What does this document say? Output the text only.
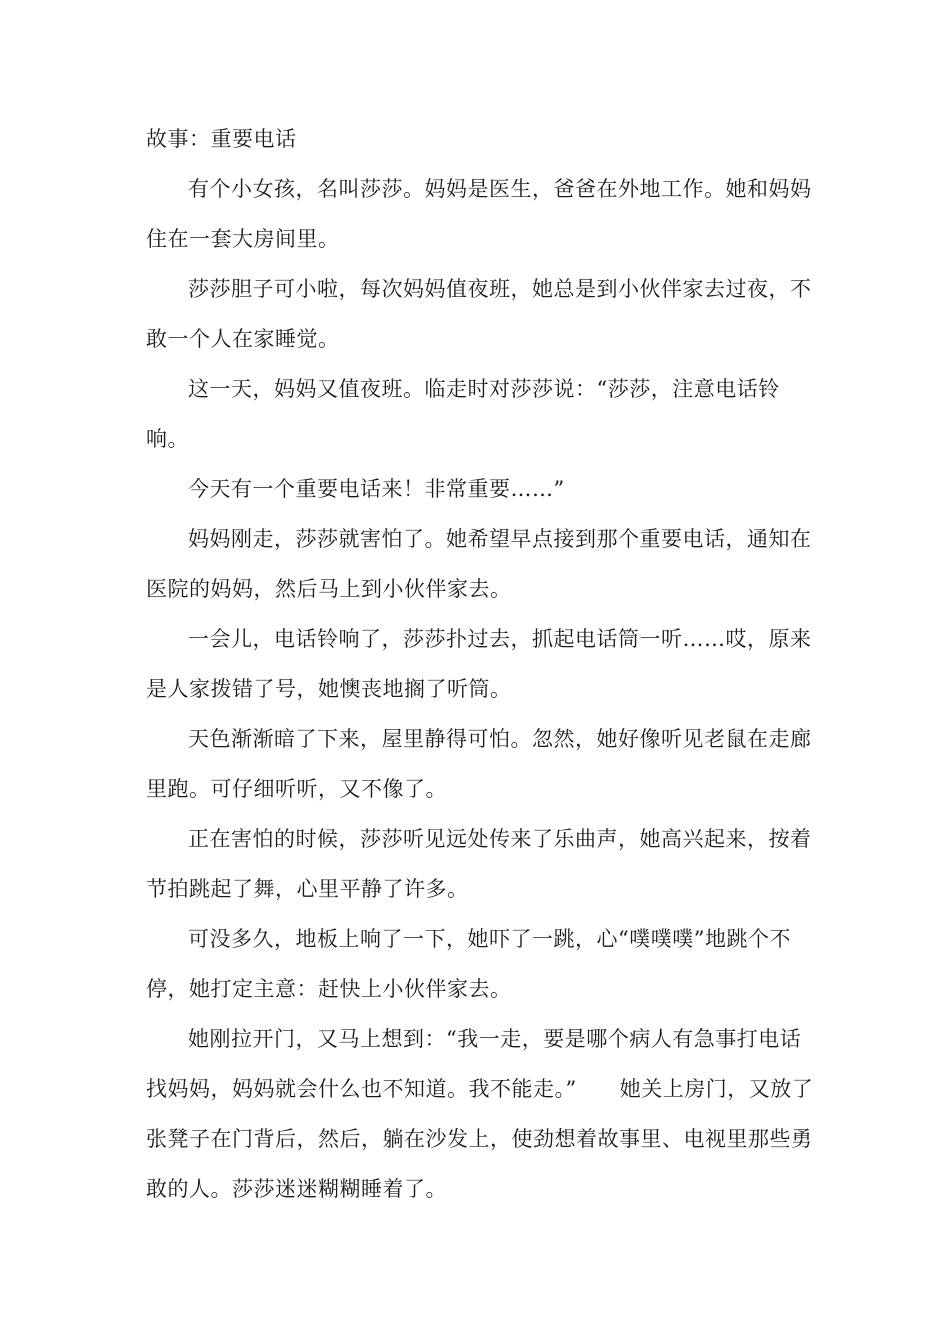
故事：重要电话

有个小女孩，名叫莎莎。妈妈是医生，爸爸在外地工作。她和妈妈住在一套大房间里。

莎莎胆子可小啦，每次妈妈值夜班，她总是到小伙伴家去过夜，不敢一个人在家睡觉。

这一天，妈妈又值夜班。临走时对莎莎说：“莎莎，注意电话铃响。

今天有一个重要电话来！非常重要……”

妈妈刚走，莎莎就害怕了。她希望早点接到那个重要电话，通知在医院的妈妈，然后马上到小伙伴家去。

一会儿，电话铃响了，莎莎扑过去，抓起电话筒一听……哎，原来是人家拨错了号，她懊丧地搁了听筒。

天色渐渐暗了下来，屋里静得可怕。忽然，她好像听见老鼠在走廊里跑。可仔细听听，又不像了。

正在害怕的时候，莎莎听见远处传来了乐曲声，她高兴起来，按着节拍跳起了舞，心里平静了许多。

可没多久，地板上响了一下，她吓了一跳，心“噗噗噗”地跳个不停，她打定主意：赶快上小伙伴家去。

她刚拉开门，又马上想到：“我一走，要是哪个病人有急事打电话找妈妈，妈妈就会什么也不知道。我不能走。”　　她关上房门，又放了张凳子在门背后，然后，躺在沙发上，使劲想着故事里、电视里那些勇敢的人。莎莎迷迷糊糊睡着了。
